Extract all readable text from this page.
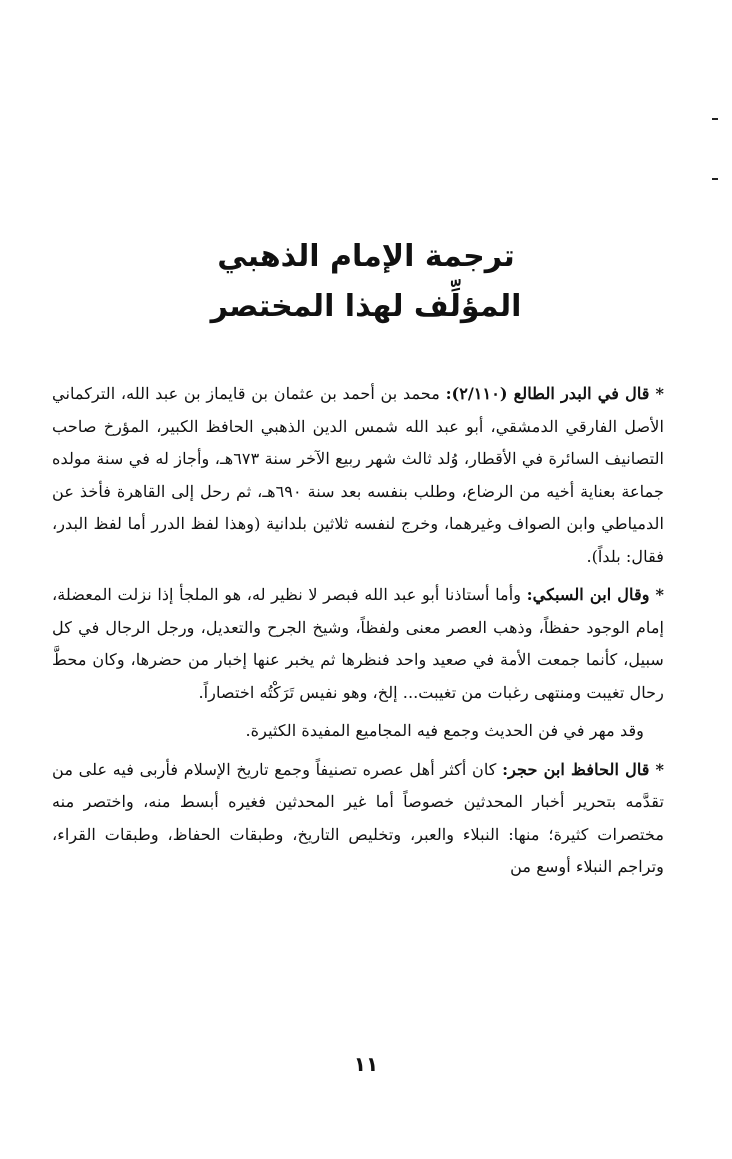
ترجمة الإمام الذهبي
المؤلِّف لهذا المختصر

*قال في البدر الطالع (٢/١١٠): محمد بن أحمد بن عثمان بن قايماز بن عبد الله، التركماني الأصل الفارقي الدمشقي، أبو عبد الله شمس الدين الذهبي الحافظ الكبير، المؤرخ صاحب التصانيف السائرة في الأقطار، وُلد ثالث شهر ربيع الآخر سنة ٦٧٣هـ، وأجاز له في سنة مولده جماعة بعناية أخيه من الرضاع، وطلب بنفسه بعد سنة ٦٩٠هـ، ثم رحل إلى القاهرة فأخذ عن الدمياطي وابن الصواف وغيرهما، وخرج لنفسه ثلاثين بلدانية (وهذا لفظ الدرر أما لفظ البدر، فقال: بلداً).

*وقال ابن السبكي: وأما أستاذنا أبو عبد الله فبصر لا نظير له، هو الملجأ إذا نزلت المعضلة، إمام الوجود حفظاً، وذهب العصر معنى ولفظاً، وشيخ الجرح والتعديل، ورجل الرجال في كل سبيل، كأنما جمعت الأمة في صعيد واحد فنظرها ثم يخبر عنها إخبار من حضرها، وكان محطَّ رحال تغيبت ومنتهى رغبات من تغيبت... إلخ، وهو نفيس تَرَكْتُه اختصاراً.

وقد مهر في فن الحديث وجمع فيه المجاميع المفيدة الكثيرة.

*قال الحافظ ابن حجر: كان أكثر أهل عصره تصنيفاً وجمع تاريخ الإسلام فأربى فيه على من تقدَّمه بتحرير أخبار المحدثين خصوصاً أما غير المحدثين فغيره أبسط منه، واختصر منه مختصرات كثيرة؛ منها: النبلاء والعبر، وتخليص التاريخ، وطبقات الحفاظ، وطبقات القراء، وتراجم النبلاء أوسع من

١١
